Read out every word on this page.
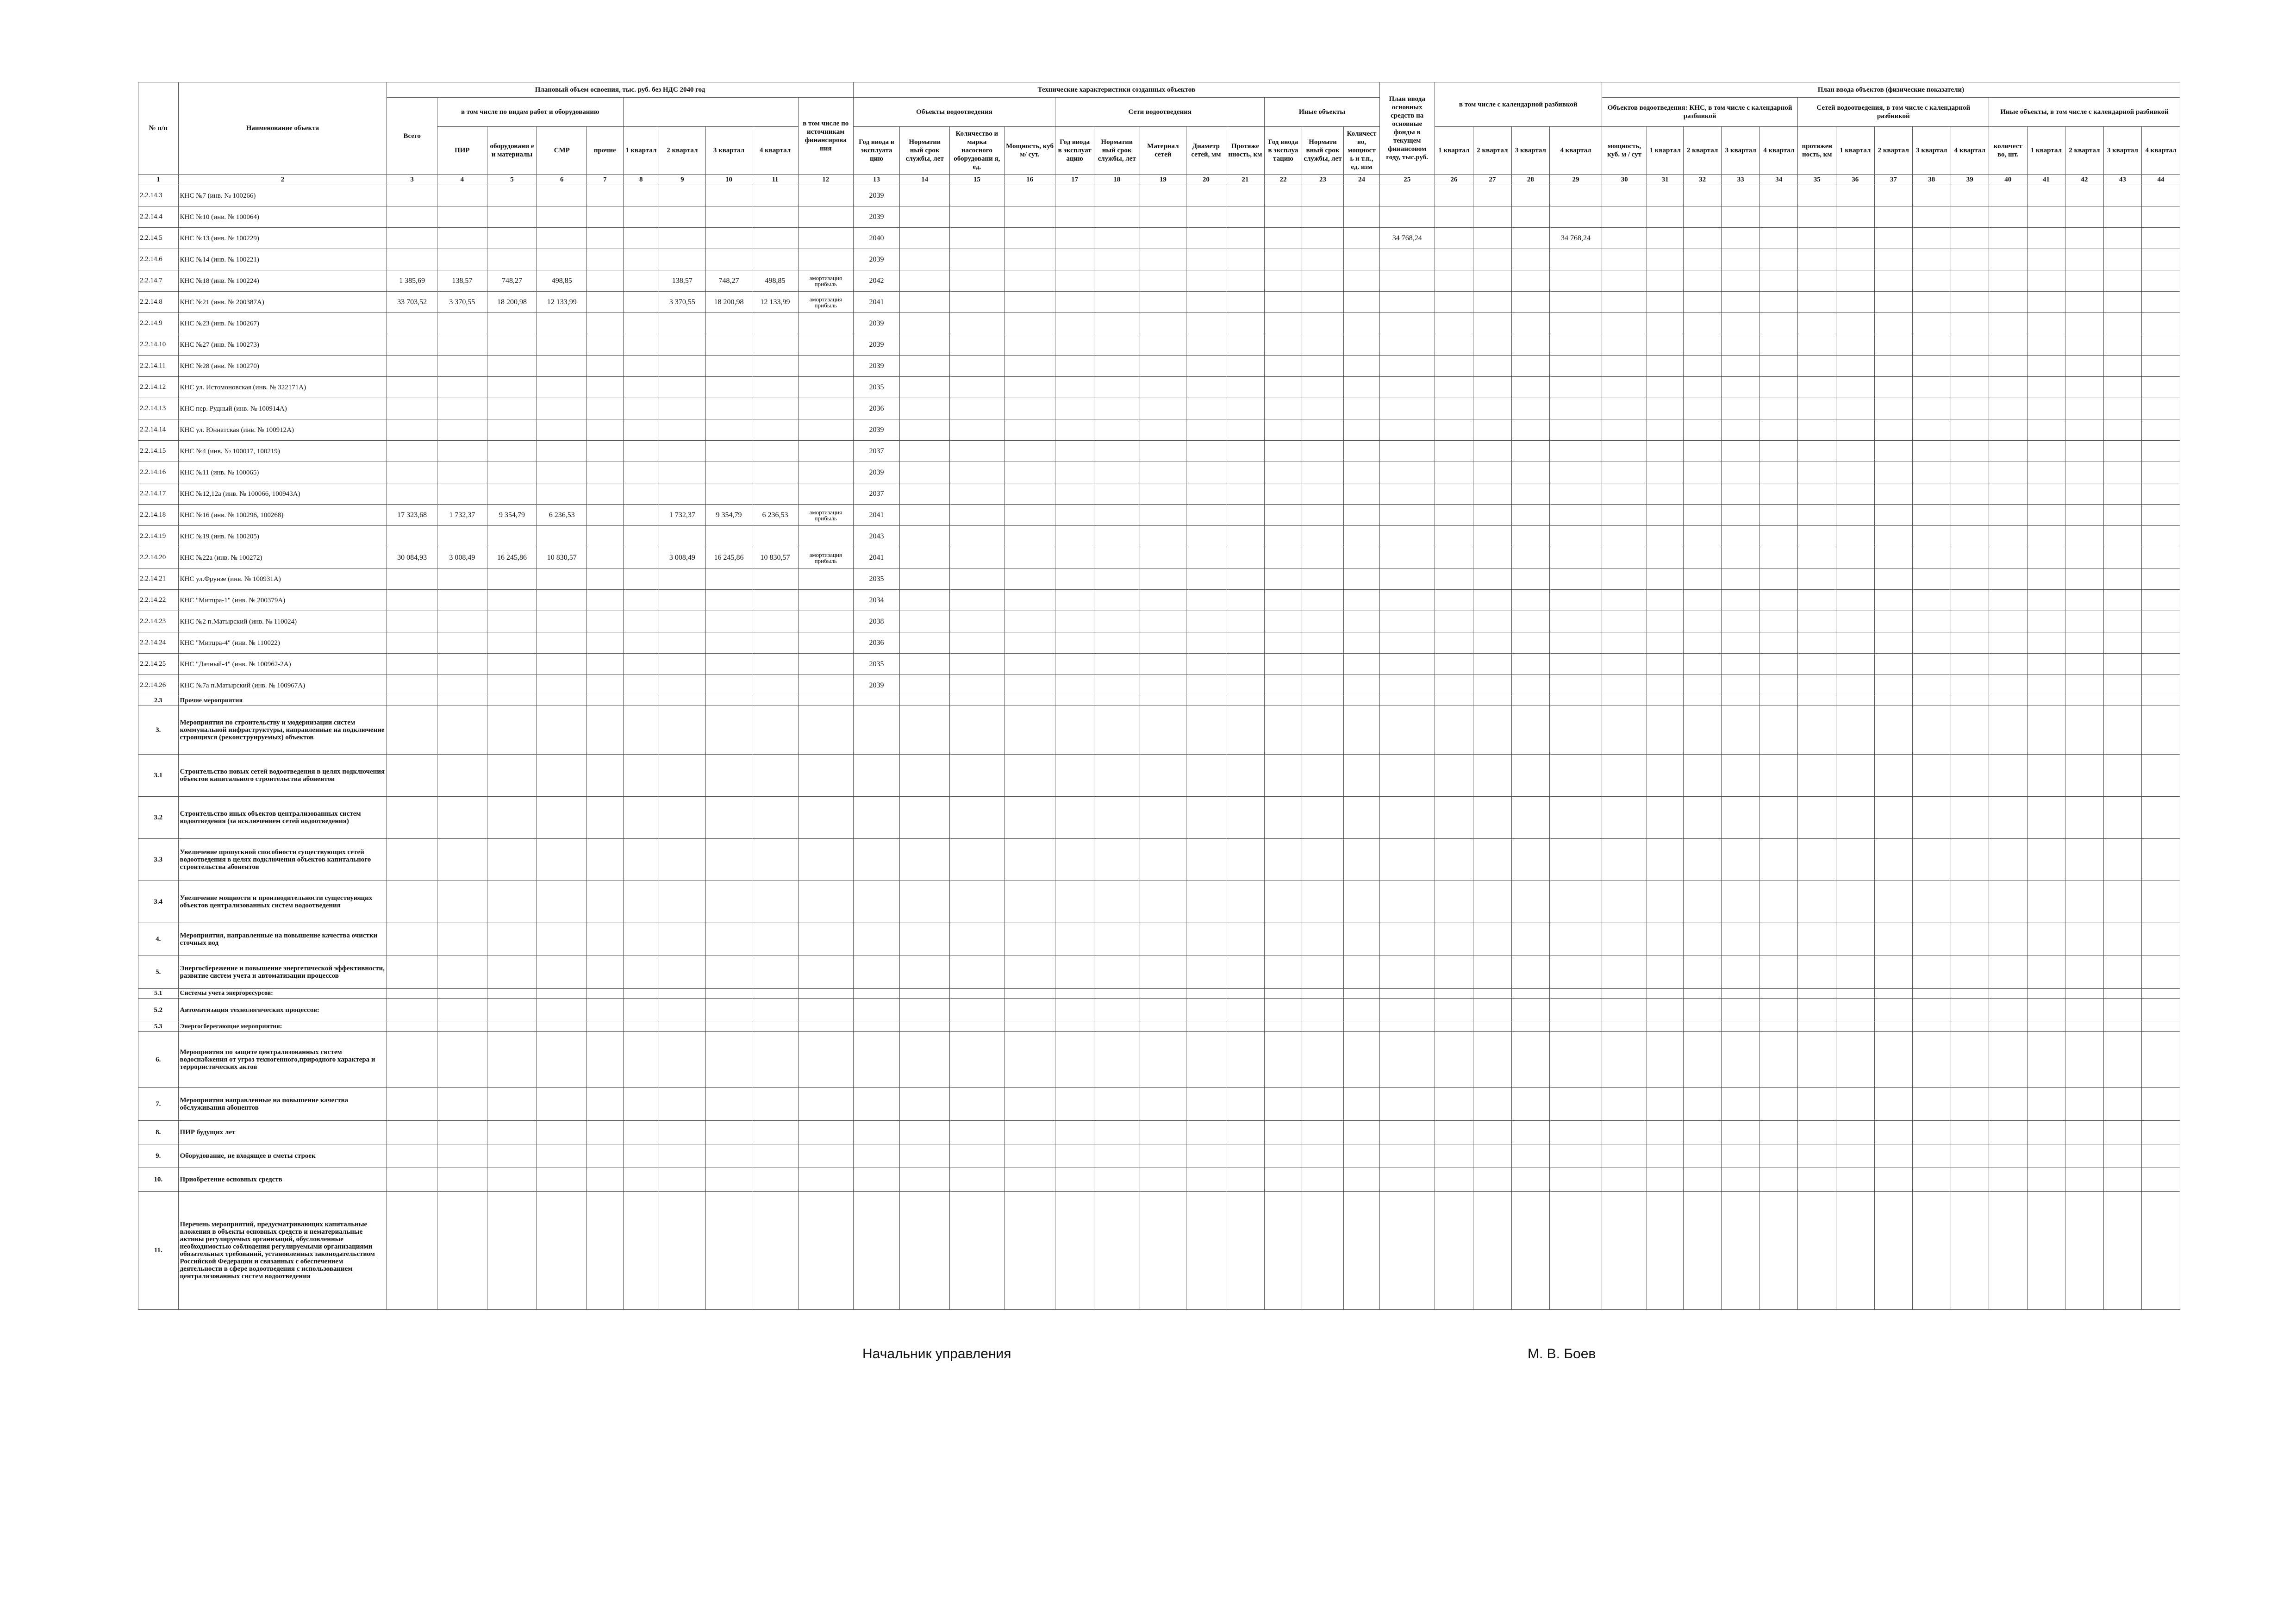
№ п/п	Наименование объекта	Плановый объем освоения, тыс. руб. без НДС 2040 год										Технические характеристики созданных объектов												План ввода основных средств на основные фонды в текущем финансовом году, тыс.руб.	в том числе с календарной разбивкой				План ввода объектов (физические показатели)														
												Объекты водоотведения				Сети водоотведения					Иные объекты								Объектов водоотведения: КНС, в том числе с календарной разбивкой					Сетей водоотведения, в том числе с календарной разбивкой					Иные объекты, в том числе с календарной разбивкой				
		Всего	в том числе по видам работ и оборудованию								в том числе по источникам финансирова ния																																
			ПИР	оборудовани е и материалы	СМР	прочие	1 квартал	2 квартал	3 квартал	4 квартал		Год ввода в эксплуата цию	Норматив ный срок службы, лет	Количество и марка насосного оборудовани я, ед.	Мощность, куб м/ сут.	Год ввода в эксплуат ацию	Норматив ный срок службы, лет	Материал сетей	Диаметр сетей, мм	Протяже нность, км	Год ввода в эксплуа тацию	Нормати вный срок службы, лет	Количест во, мощност ь и т.п., ед. изм		1 квартал	2 квартал	3 квартал	4 квартал	мощность, куб. м / сут	1 квартал	2 квартал	3 квартал	4 квартал	протяжен ность, км	1 квартал	2 квартал	3 квартал	4 квартал	количест во, шт.	1 квартал	2 квартал	3 квартал	4 квартал
1	2	3	4	5	6	7	8	9	10	11	12	13	14	15	16	17	18	19	20	21	22	23	24	25	26	27	28	29	30	31	32	33	34	35	36	37	38	39	40	41	42	43	44
2.2.14.3	КНС №7 (инв. № 100266)											2039																															
2.2.14.4	КНС №10 (инв. № 100064)											2039																															
2.2.14.5	КНС №13 (инв. № 100229)											2040												34 768,24				34 768,24															
2.2.14.6	КНС №14 (инв. № 100221)											2039																															
2.2.14.7	КНС №18 (инв. № 100224)	1 385,69	138,57	748,27	498,85			138,57	748,27	498,85	амортизация прибыль	2042																															
2.2.14.8	КНС №21 (инв. № 200387А)	33 703,52	3 370,55	18 200,98	12 133,99			3 370,55	18 200,98	12 133,99	амортизация прибыль	2041																															
2.2.14.9	КНС №23 (инв. № 100267)											2039																															
2.2.14.10	КНС №27 (инв. № 100273)											2039																															
2.2.14.11	КНС №28 (инв. № 100270)											2039																															
2.2.14.12	КНС ул. Истомоновская (инв. № 322171А)											2035																															
2.2.14.13	КНС пер. Рудный (инв. № 100914А)											2036																															
2.2.14.14	КНС ул. Юннатская (инв. № 100912А)											2039																															
2.2.14.15	КНС №4 (инв. № 100017, 100219)											2037																															
2.2.14.16	КНС №11 (инв. № 100065)											2039																															
2.2.14.17	КНС №12,12а (инв. № 100066, 100943А)											2037																															
2.2.14.18	КНС №16 (инв. № 100296, 100268)	17 323,68	1 732,37	9 354,79	6 236,53			1 732,37	9 354,79	6 236,53	амортизация прибыль	2041																															
2.2.14.19	КНС №19 (инв. № 100205)											2043																															
2.2.14.20	КНС №22а (инв. № 100272)	30 084,93	3 008,49	16 245,86	10 830,57			3 008,49	16 245,86	10 830,57	амортизация прибыль	2041																															
2.2.14.21	КНС ул.Фрунзе (инв. № 100931А)											2035																															
2.2.14.22	КНС "Митцра-1" (инв. № 200379А)											2034																															
2.2.14.23	КНС №2 п.Матырский (инв. № 110024)											2038																															
2.2.14.24	КНС "Митцра-4" (инв. № 110022)											2036																															
2.2.14.25	КНС "Дачный-4" (инв. № 100962-2А)											2035																															
2.2.14.26	КНС №7а п.Матырский (инв. № 100967А)											2039																															
2.3	Прочие мероприятия																																										
3.	Мероприятия по строительству и модернизации систем коммунальной инфраструктуры, направленные на подключение строящихся (реконструируемых) объектов																																										
3.1	Строительство новых сетей водоотведения в целях подключения объектов капитального строительства абонентов																																										
3.2	Строительство иных объектов централизованных систем водоотведения (за исключением сетей водоотведения)																																										
3.3	Увеличение пропускной способности существующих сетей водоотведения в целях подключения объектов капитального строительства абонентов																																										
3.4	Увеличение мощности и производительности существующих объектов централизованных систем водоотведения																																										
4.	Мероприятия, направленные на повышение качества очистки сточных вод																																										
5.	Энергосбережение и повышение энергетической эффективности, развитие систем учета и автоматизации процессов																																										
5.1	Системы учета энергоресурсов:																																										
5.2	Автоматизация технологических процессов:																																										
5.3	Энергосберегающие мероприятия:																																										
6.	Мероприятия по защите централизованных систем водоснабжения от угроз техногенного,природного характера и террористических актов																																										
7.	Мероприятия направленные на повышение качества обслуживания абонентов																																										
8.	ПИР будущих лет																																										
9.	Оборудование, не входящее в сметы строек																																										
10.	Приобретение основных средств																																										
11.	Перечень мероприятий, предусматривающих капитальные вложения в объекты основных средств и нематериальные активы регулируемых организаций, обусловленные необходимостью соблюдения регулируемыми организациями обязательных требований, установленных законодательством Российской Федерации и связанных с обеспечением деятельности в сфере водоотведения с использованием централизованных систем водоотведения																																										
Начальник управления	М. В. Боев
